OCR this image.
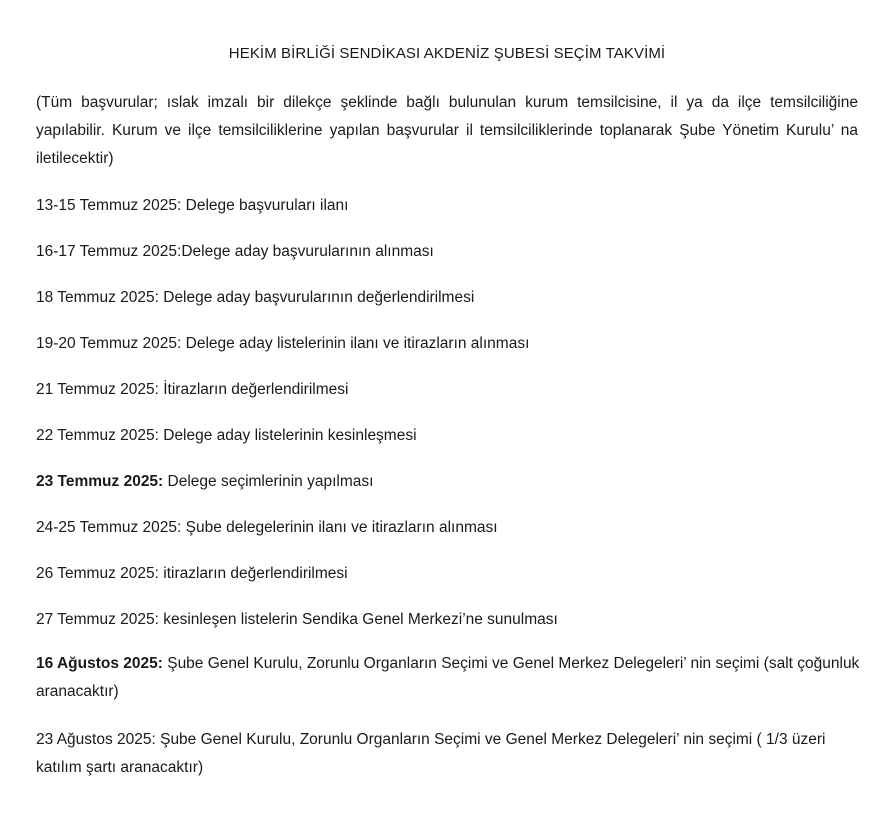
HEKİM BİRLİĞİ SENDİKASI AKDENİZ ŞUBESİ SEÇİM TAKVİMİ

(Tüm başvurular; ıslak imzalı bir dilekçe şeklinde bağlı bulunulan kurum temsilcisine, il ya da ilçe temsilciliğine yapılabilir. Kurum ve ilçe temsilciliklerine yapılan başvurular il temsilciliklerinde toplanarak Şube Yönetim Kurulu’ na iletilecektir)

13-15 Temmuz 2025: Delege başvuruları ilanı
16-17 Temmuz 2025:Delege aday başvurularının alınması
18 Temmuz 2025: Delege aday başvurularının değerlendirilmesi
19-20 Temmuz 2025: Delege aday listelerinin ilanı ve itirazların alınması
21 Temmuz 2025: İtirazların değerlendirilmesi
22 Temmuz 2025: Delege aday listelerinin kesinleşmesi
23 Temmuz 2025: Delege seçimlerinin yapılması
24-25 Temmuz 2025: Şube delegelerinin ilanı ve itirazların alınması
26 Temmuz 2025: itirazların değerlendirilmesi
27 Temmuz 2025: kesinleşen listelerin Sendika Genel Merkezi’ne sunulması
16 Ağustos 2025: Şube Genel Kurulu, Zorunlu Organların Seçimi ve Genel Merkez Delegeleri’ nin seçimi (salt çoğunluk aranacaktır)
23 Ağustos 2025: Şube Genel Kurulu, Zorunlu Organların Seçimi ve Genel Merkez Delegeleri’ nin seçimi ( 1/3 üzeri katılım şartı aranacaktır)
